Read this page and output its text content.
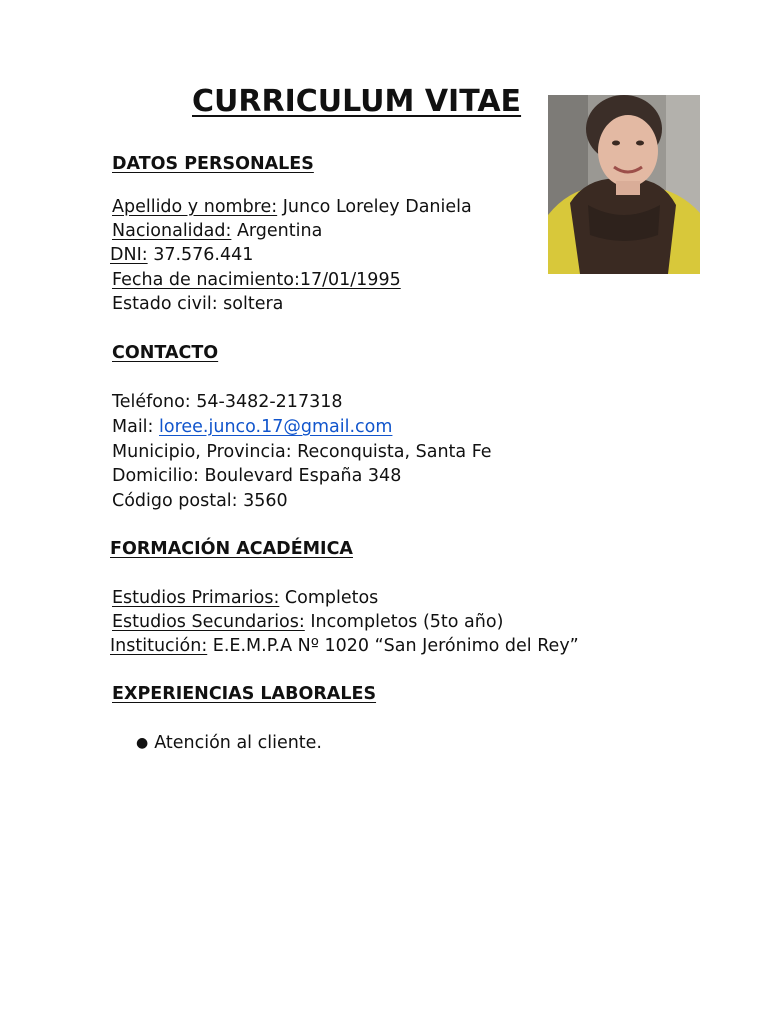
CURRICULUM VITAE
DATOS PERSONALES
Apellido y nombre: Junco Loreley Daniela
Nacionalidad: Argentina
DNI: 37.576.441
Fecha de nacimiento:17/01/1995
Estado civil: soltera
CONTACTO
Teléfono: 54-3482-217318
Mail: loree.junco.17@gmail.com
Municipio, Provincia: Reconquista, Santa Fe
Domicilio: Boulevard España 348
Código postal: 3560
FORMACIÓN ACADÉMICA
Estudios Primarios: Completos
Estudios Secundarios: Incompletos (5to año)
Institución: E.E.M.P.A Nº 1020 “San Jerónimo del Rey”
EXPERIENCIAS LABORALES
● Atención al cliente.
